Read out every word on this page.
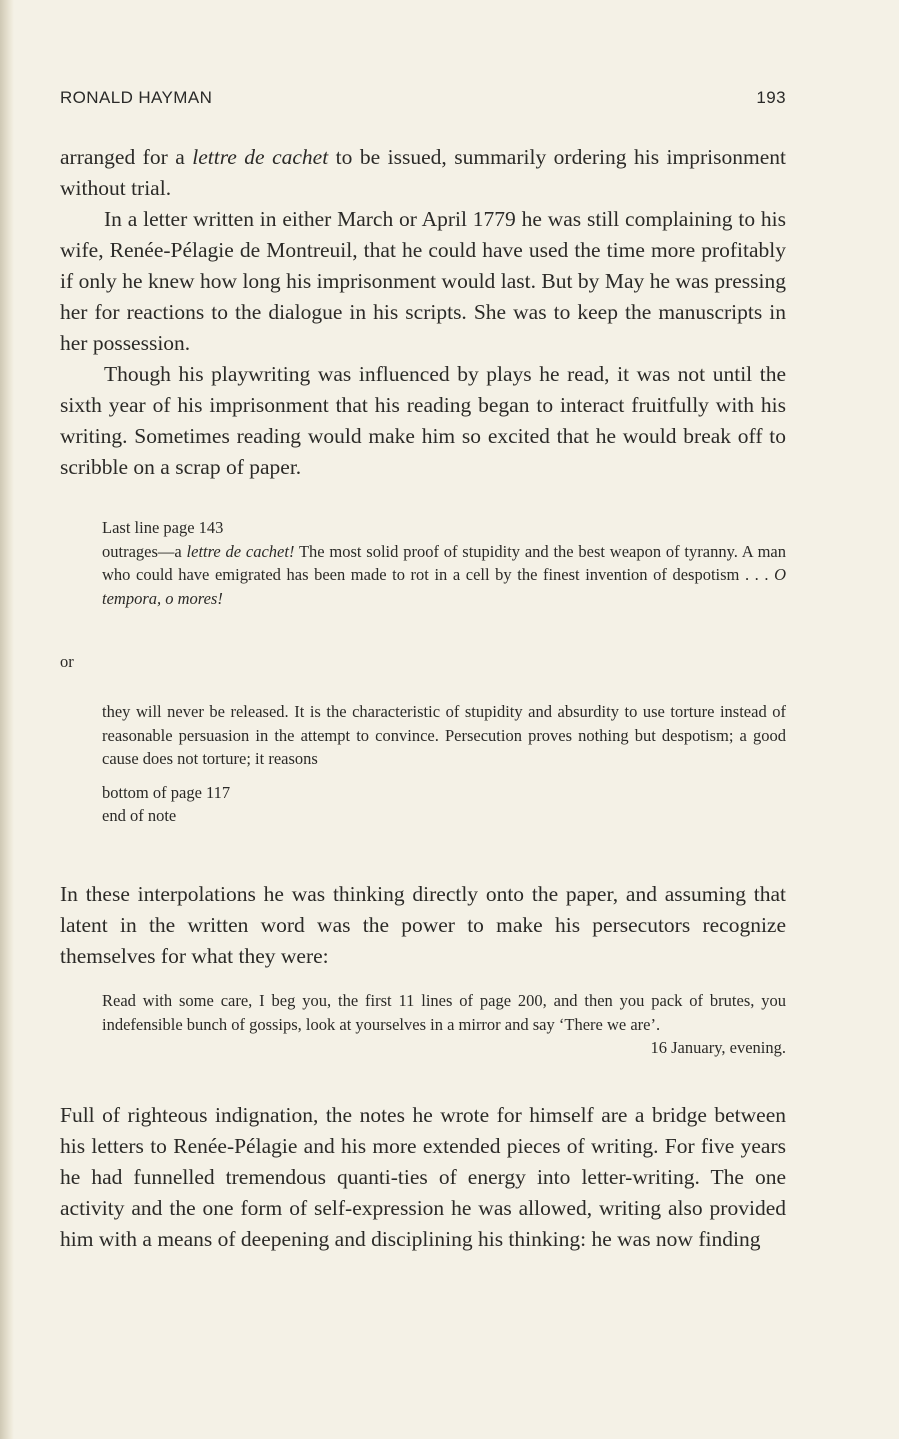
RONALD HAYMAN	193

arranged for a lettre de cachet to be issued, summarily ordering his imprisonment without trial.

In a letter written in either March or April 1779 he was still complaining to his wife, Renée-Pélagie de Montreuil, that he could have used the time more profitably if only he knew how long his imprisonment would last. But by May he was pressing her for reactions to the dialogue in his scripts. She was to keep the manuscripts in her possession.

Though his playwriting was influenced by plays he read, it was not until the sixth year of his imprisonment that his reading began to interact fruitfully with his writing. Sometimes reading would make him so excited that he would break off to scribble on a scrap of paper.

Last line page 143

outrages—a lettre de cachet! The most solid proof of stupidity and the best weapon of tyranny. A man who could have emigrated has been made to rot in a cell by the finest invention of despotism . . . O tempora, o mores!

or

they will never be released. It is the characteristic of stupidity and absurdity to use torture instead of reasonable persuasion in the attempt to convince. Persecution proves nothing but despotism; a good cause does not torture; it reasons

bottom of page 117

end of note

In these interpolations he was thinking directly onto the paper, and assuming that latent in the written word was the power to make his persecutors recognize themselves for what they were:

Read with some care, I beg you, the first 11 lines of page 200, and then you pack of brutes, you indefensible bunch of gossips, look at yourselves in a mirror and say ‘There we are’.

16 January, evening.

Full of righteous indignation, the notes he wrote for himself are a bridge between his letters to Renée-Pélagie and his more extended pieces of writing. For five years he had funnelled tremendous quanti-ties of energy into letter-writing. The one activity and the one form of self-expression he was allowed, writing also provided him with a means of deepening and disciplining his thinking: he was now finding
